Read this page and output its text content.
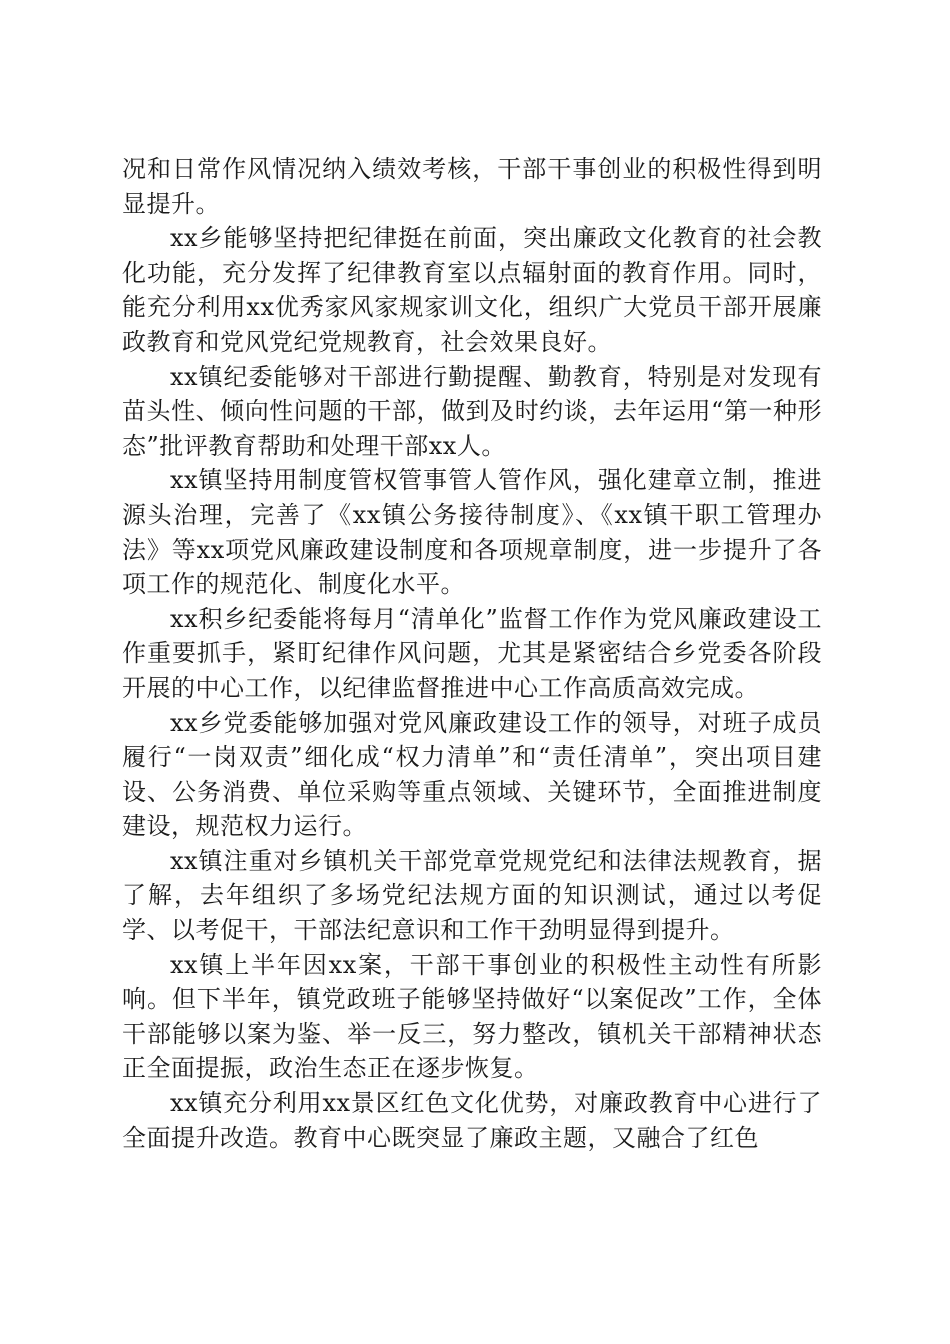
况和日常作风情况纳入绩效考核，干部干事创业的积极性得到明显提升。

xx乡能够坚持把纪律挺在前面，突出廉政文化教育的社会教化功能，充分发挥了纪律教育室以点辐射面的教育作用。同时，能充分利用xx优秀家风家规家训文化，组织广大党员干部开展廉政教育和党风党纪党规教育，社会效果良好。

xx镇纪委能够对干部进行勤提醒、勤教育，特别是对发现有苗头性、倾向性问题的干部，做到及时约谈，去年运用“第一种形态”批评教育帮助和处理干部xx人。

xx镇坚持用制度管权管事管人管作风，强化建章立制，推进源头治理，完善了《xx镇公务接待制度》、《xx镇干职工管理办法》等xx项党风廉政建设制度和各项规章制度，进一步提升了各项工作的规范化、制度化水平。

xx积乡纪委能将每月“清单化”监督工作作为党风廉政建设工作重要抓手，紧盯纪律作风问题，尤其是紧密结合乡党委各阶段开展的中心工作，以纪律监督推进中心工作高质高效完成。

xx乡党委能够加强对党风廉政建设工作的领导，对班子成员履行“一岗双责”细化成“权力清单”和“责任清单”，突出项目建设、公务消费、单位采购等重点领域、关键环节，全面推进制度建设，规范权力运行。

xx镇注重对乡镇机关干部党章党规党纪和法律法规教育，据了解，去年组织了多场党纪法规方面的知识测试，通过以考促学、以考促干，干部法纪意识和工作干劲明显得到提升。

xx镇上半年因xx案，干部干事创业的积极性主动性有所影响。但下半年，镇党政班子能够坚持做好“以案促改”工作，全体干部能够以案为鉴、举一反三，努力整改，镇机关干部精神状态正全面提振，政治生态正在逐步恢复。

xx镇充分利用xx景区红色文化优势，对廉政教育中心进行了全面提升改造。教育中心既突显了廉政主题，又融合了红色
